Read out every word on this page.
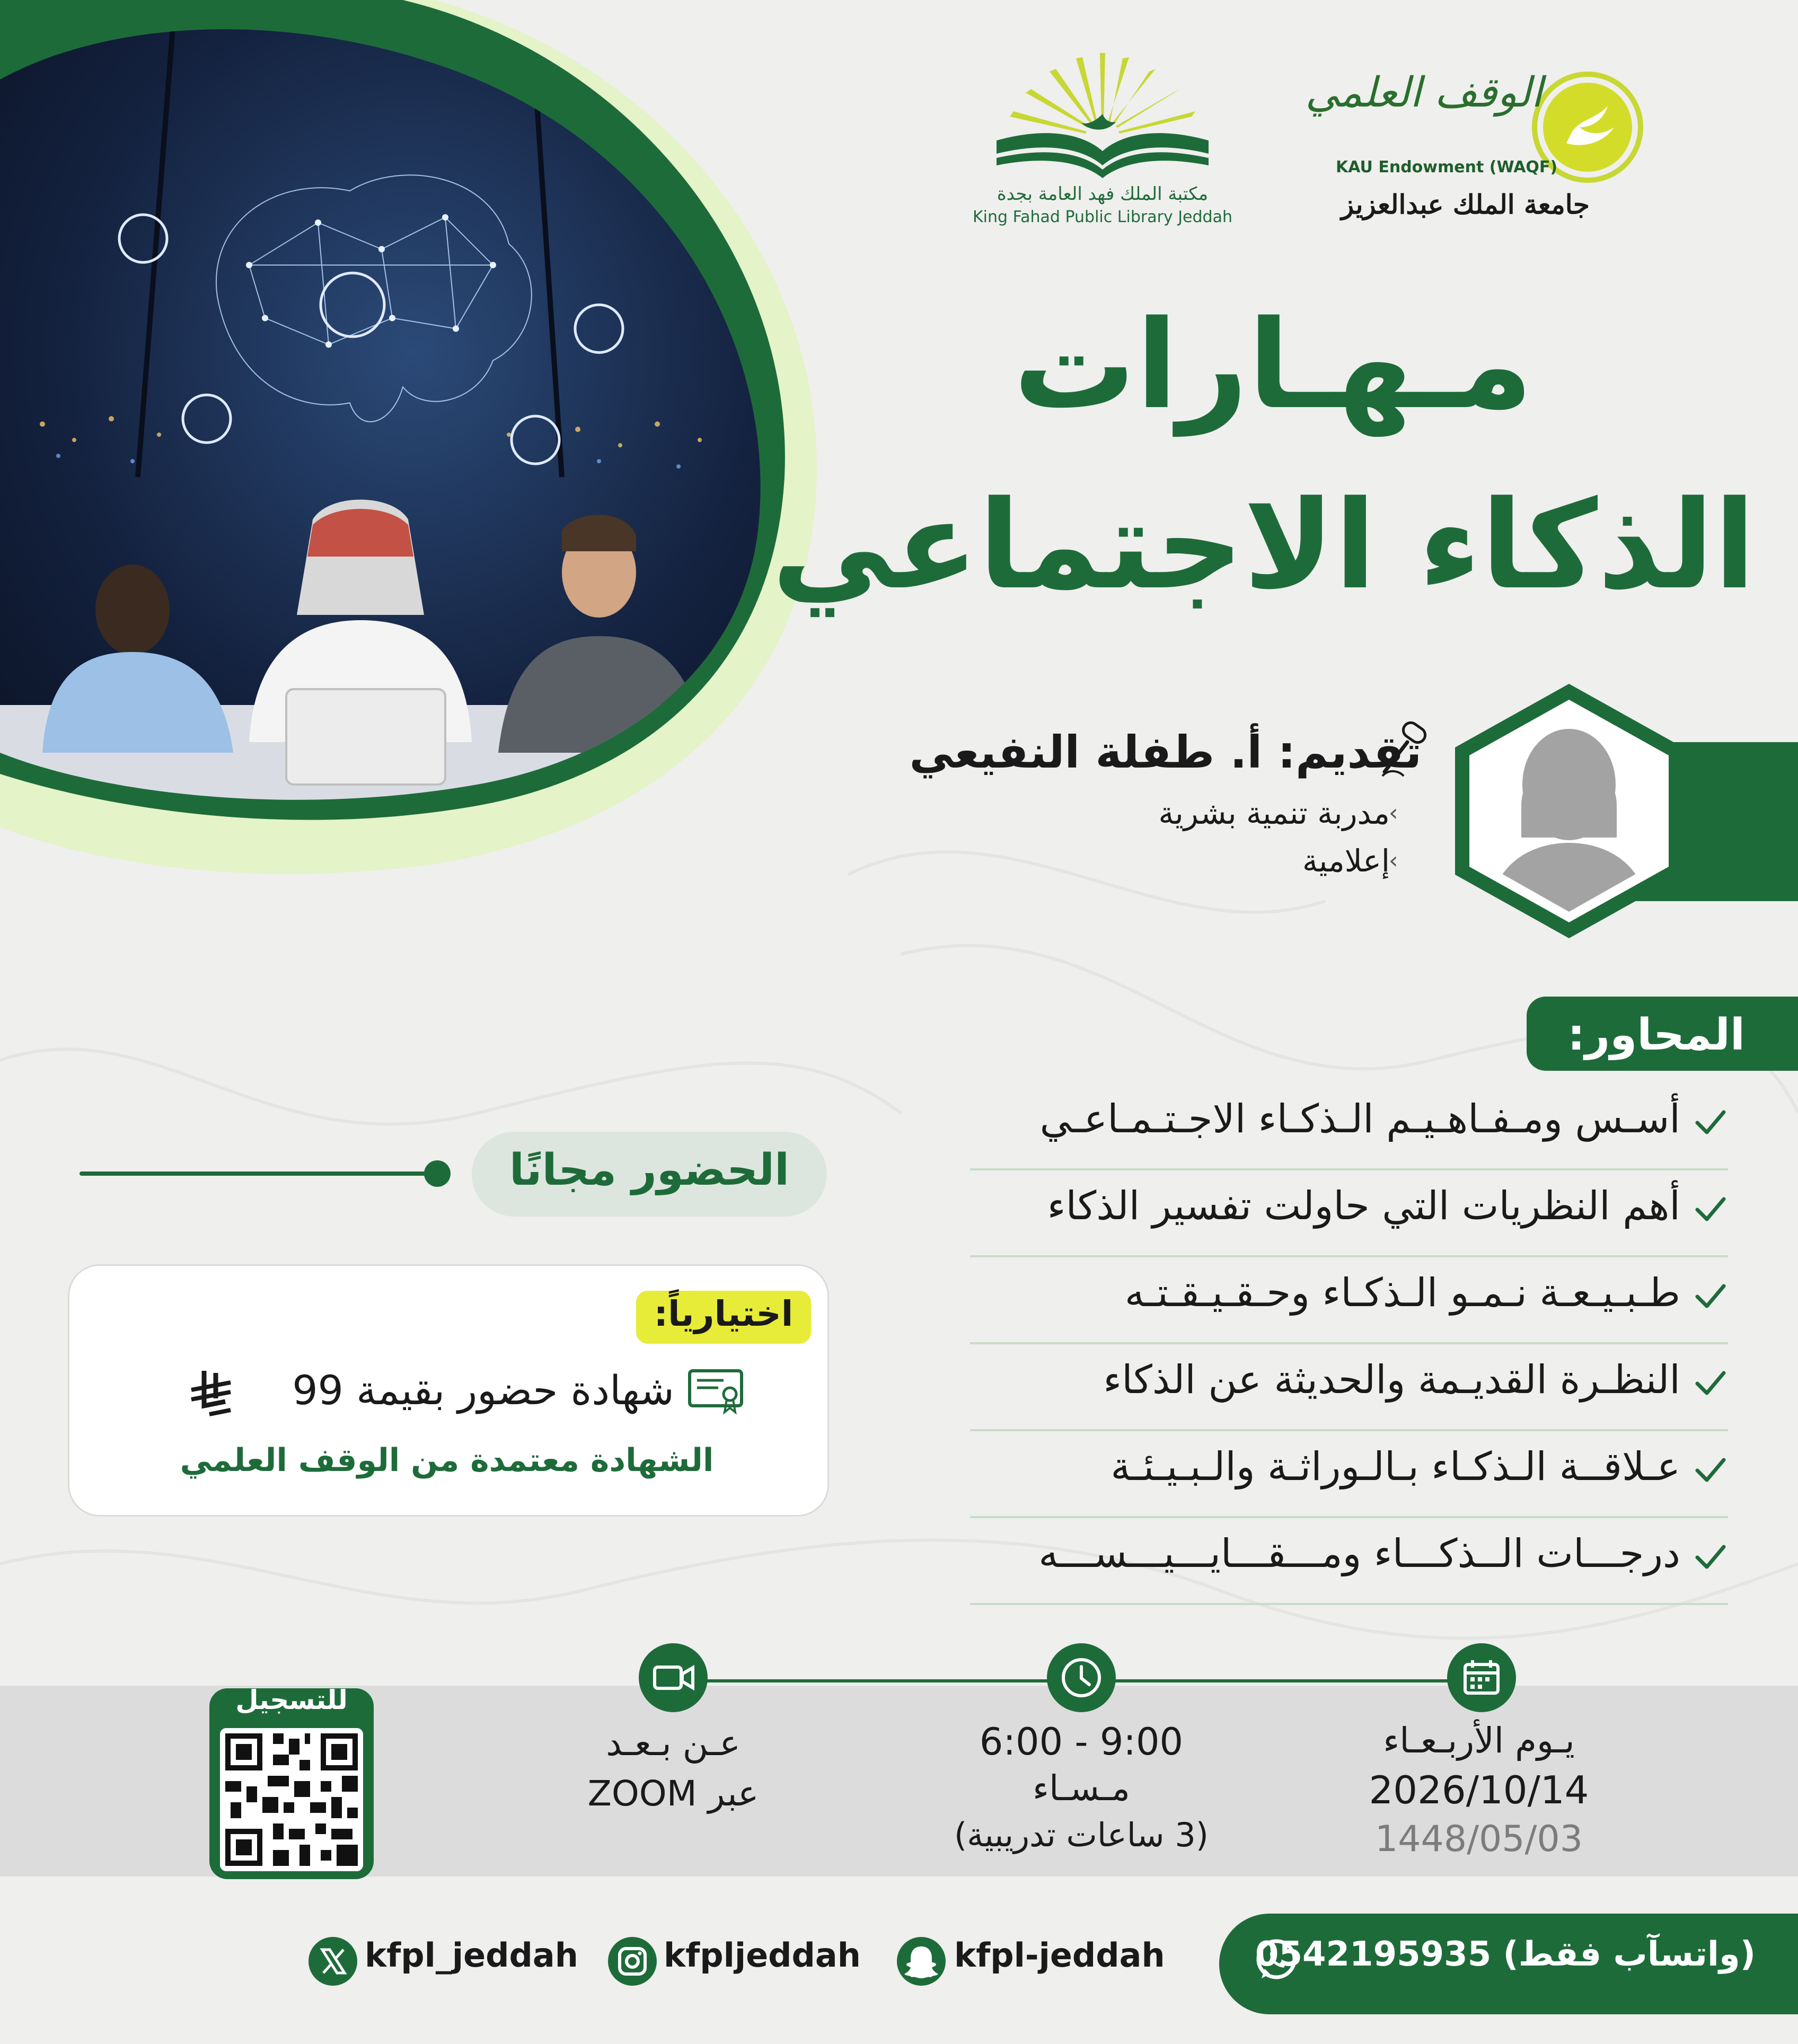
مكتبة الملك فهد العامة بجدة
King Fahad Public Library Jeddah
الوقف العلمي
KAU Endowment (WAQF)
جامعة الملك عبدالعزيز
مـهـارات
الذكاء الاجتماعي
تقديم: أ. طفلة النفيعي
مدربة تنمية بشرية
‹
إعلامية
‹
المحاور:
أسـس ومـفـاهـيـم الـذكـاء الاجـتـمـاعـي
أهم النظريات التي حاولت تفسير الذكاء
طـبـيـعـة نـمـو الـذكـاء وحـقـيـقـتـه
النظـرة القديـمة والحديثة عن الذكاء
عـلاقــة الـذكـاء بـالـوراثـة والـبـيـئـة
درجـــات الــذكـــاء ومـــقـــايـــيـــســـه
الحضور مجانًا
اختيارياً:
شهادة حضور بقيمة 99
الشهادة معتمدة من الوقف العلمي
يـوم الأربـعـاء
2026/10/14
1448/05/03
6:00 - 9:00
مـسـاء
(3 ساعات تدريبية)
عـن بـعـد
عبر ZOOM
للتسجيل
(واتسآب فقط) 0542195935
kfpl-jeddah
kfpljeddah
kfpl_jeddah
